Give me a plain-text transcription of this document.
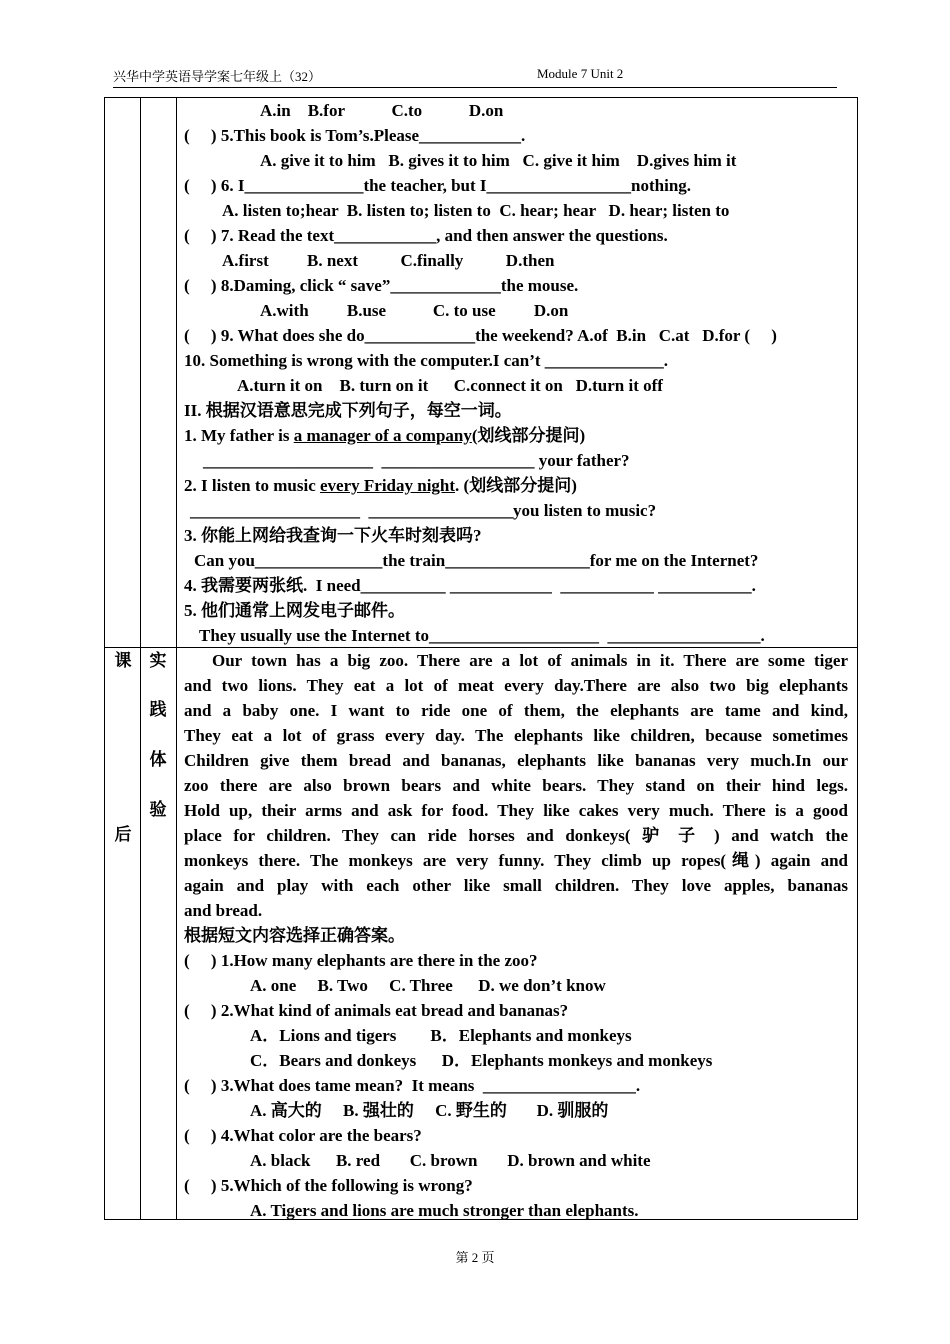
兴华中学英语导学案七年级上（32）	Module 7 Unit 2
课
后
实
践
体
验
A.in    B.for           C.to           D.on
(     ) 5.This book is Tom’s.Please____________.
A. give it to him   B. gives it to him   C. give it him    D.gives him it
(     ) 6. I______________the teacher, but I_________________nothing.
A. listen to;hear  B. listen to; listen to  C. hear; hear   D. hear; listen to
(     ) 7. Read the text____________, and then answer the questions.
A.first         B. next          C.finally          D.then
(     ) 8.Daming, click “ save”_____________the mouse.
A.with         B.use           C. to use         D.on
(     ) 9. What does she do_____________the weekend? A.of  B.in   C.at   D.for (     )
10. Something is wrong with the computer.I can’t ______________.
A.turn it on    B. turn on it      C.connect it on   D.turn it off
II. 根据汉语意思完成下列句子，每空一词。
1. My father is a manager of a company(划线部分提问)
____________________  __________________ your father?
2. I listen to music every Friday night. (划线部分提问)
____________________  _________________you listen to music?
3. 你能上网给我查询一下火车时刻表吗?
Can you_______________the train_________________for me on the Internet?
4. 我需要两张纸.  I need__________ ____________  ___________ ___________.
5. 他们通常上网发电子邮件。
They usually use the Internet to____________________  __________________.
Our town has a big zoo. There are a lot of animals in it. There are some tiger
and two lions. They eat a lot of meat every day.There are also two big elephants
and a baby one. I want to ride one of them, the elephants are tame and kind,
They eat a lot of grass every day. The elephants like children, because sometimes
Children give them bread and bananas, elephants like bananas very much.In our
zoo there are also brown bears and white bears. They stand on their hind legs.
Hold up, their arms and ask for food. They like cakes very much. There is a good
place for children. They can ride horses and donkeys( 驴 子 ) and watch the
monkeys there. The monkeys are very funny. They climb up ropes(绳) again and
again and play with each other like small children. They love apples, bananas
and bread.
根据短文内容选择正确答案。
(     ) 1.How many elephants are there in the zoo?
A. one     B. Two     C. Three      D. we don’t know
(     ) 2.What kind of animals eat bread and bananas?
A．Lions and tigers        B．Elephants and monkeys
C．Bears and donkeys      D．Elephants monkeys and monkeys
(     ) 3.What does tame mean?  It means  __________________.
A. 高大的     B. 强壮的     C. 野生的       D. 驯服的
(     ) 4.What color are the bears?
A. black      B. red       C. brown       D. brown and white
(     ) 5.Which of the following is wrong?
A. Tigers and lions are much stronger than elephants.
第 2 页
